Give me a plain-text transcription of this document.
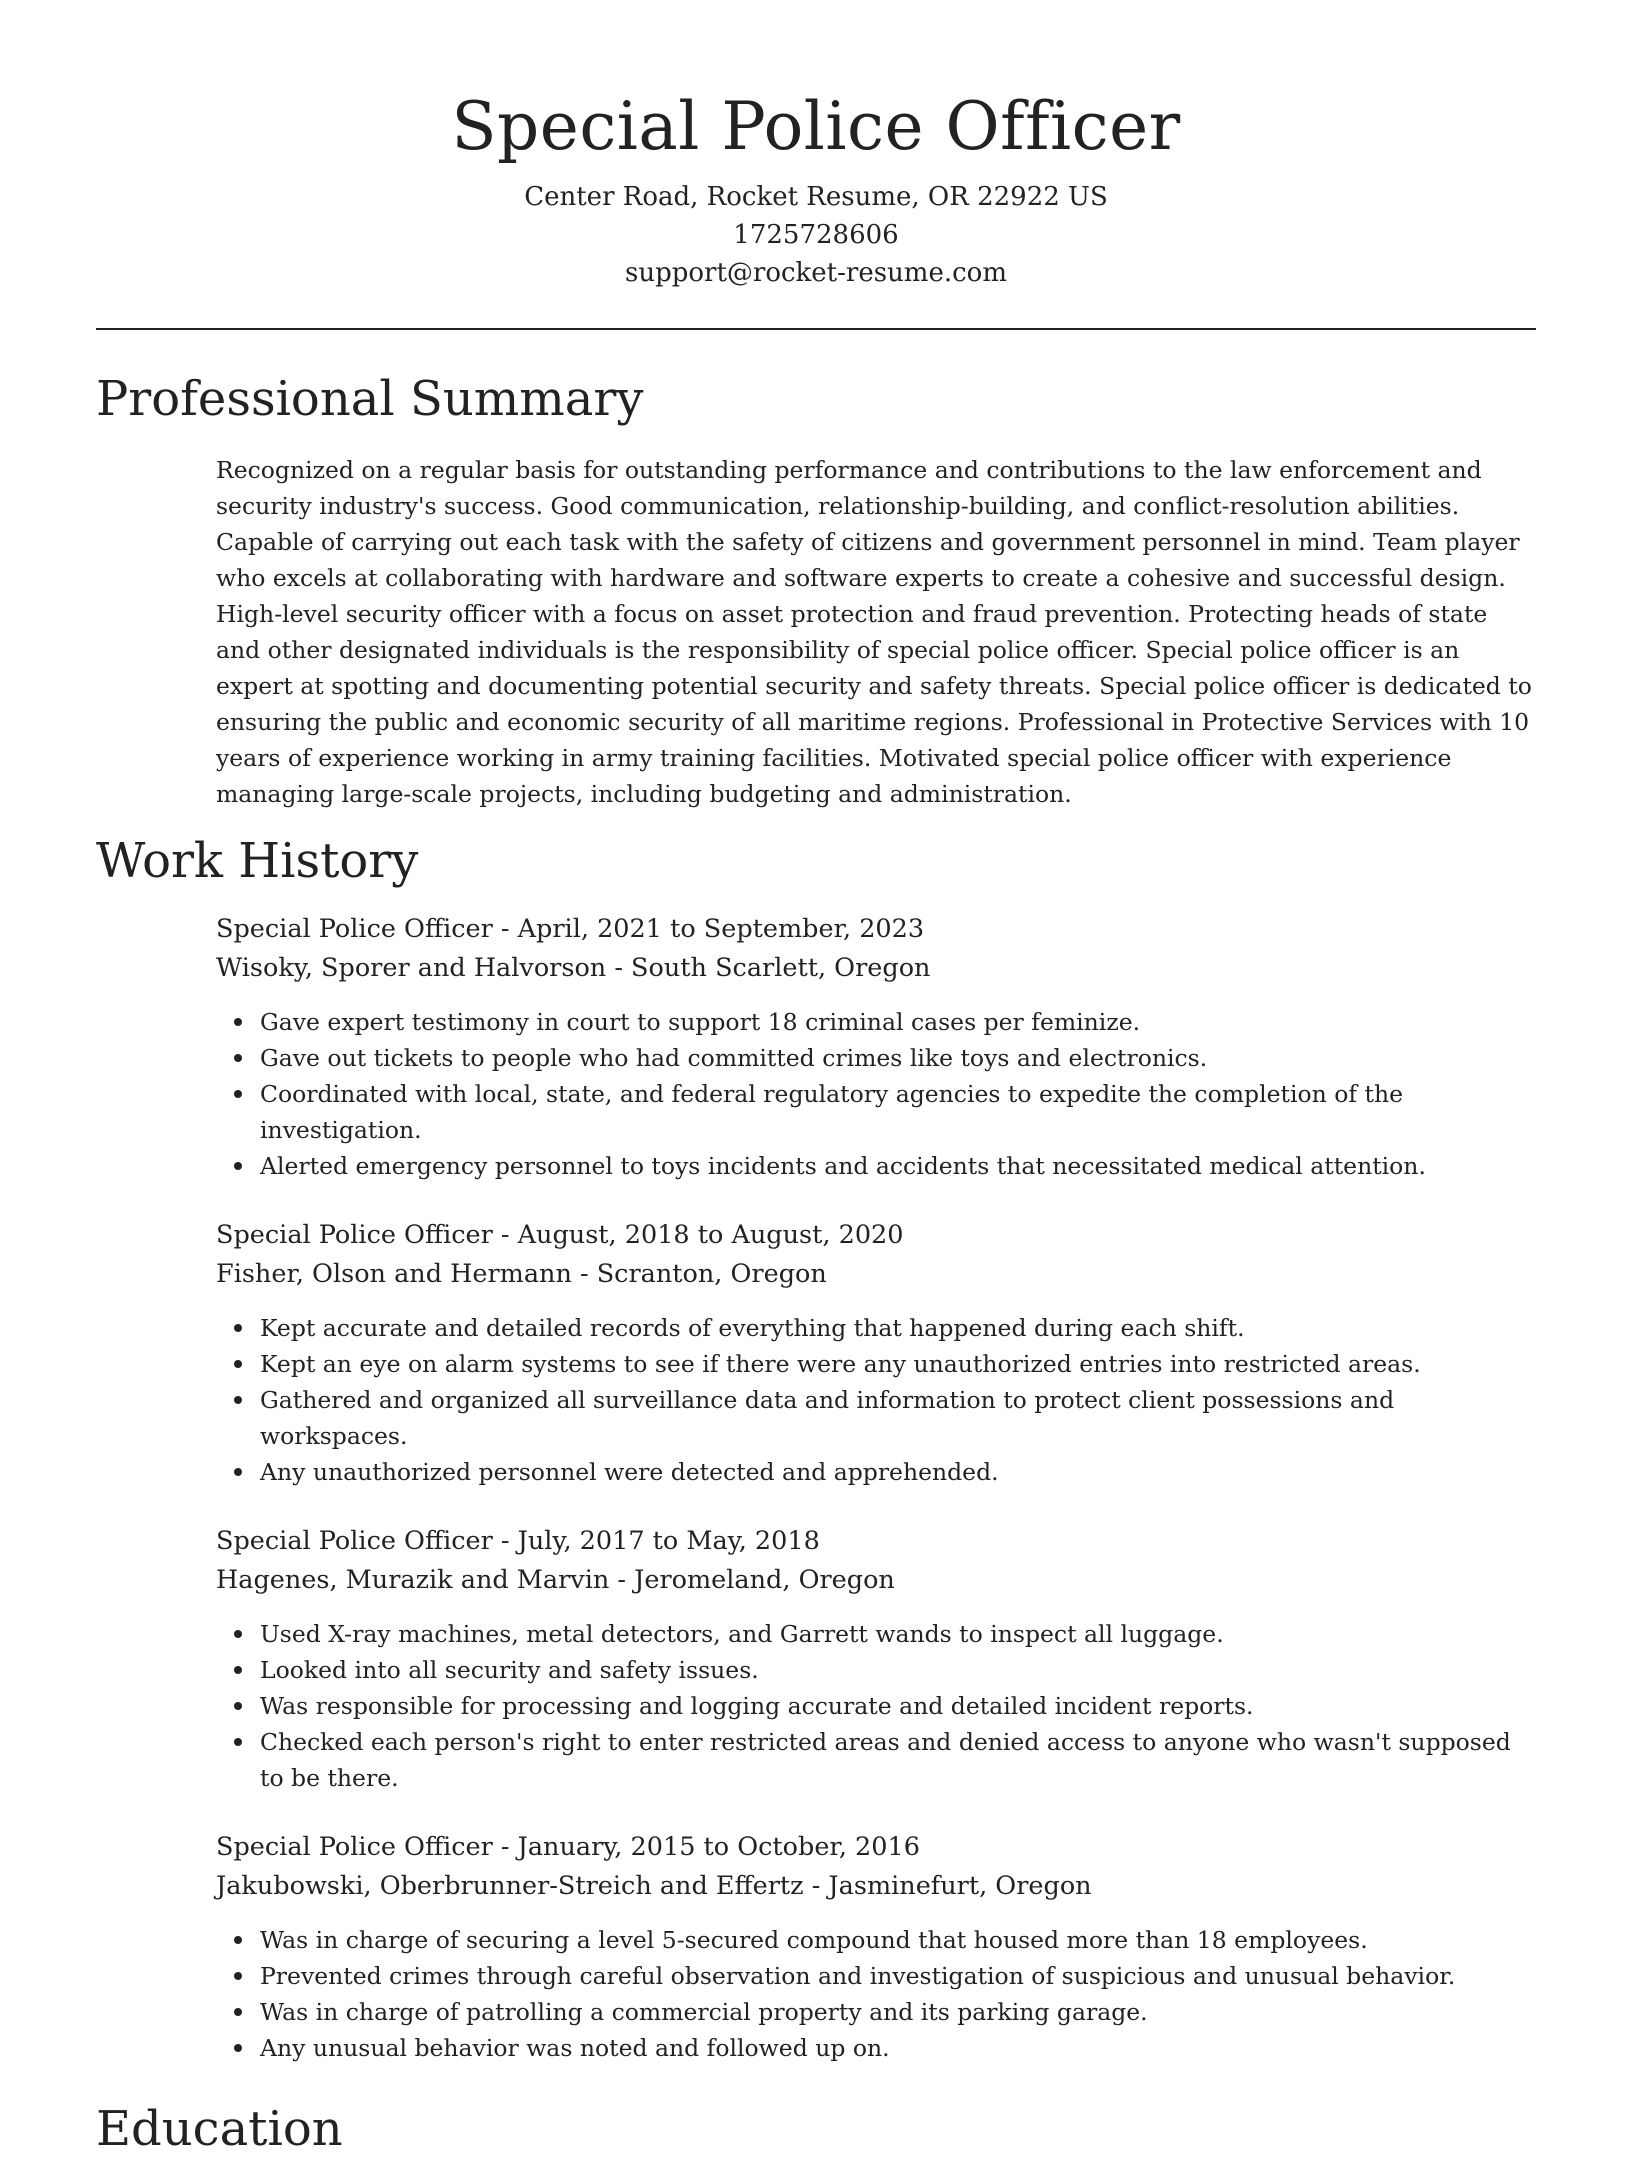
Special Police Officer

Center Road, Rocket Resume, OR 22922 US

1725728606

support@rocket-resume.com

Professional Summary

Recognized on a regular basis for outstanding performance and contributions to the law enforcement and security industry's success. Good communication, relationship-building, and conflict-resolution abilities. Capable of carrying out each task with the safety of citizens and government personnel in mind. Team player who excels at collaborating with hardware and software experts to create a cohesive and successful design. High-level security officer with a focus on asset protection and fraud prevention. Protecting heads of state and other designated individuals is the responsibility of special police officer. Special police officer is an expert at spotting and documenting potential security and safety threats. Special police officer is dedicated to ensuring the public and economic security of all maritime regions. Professional in Protective Services with 10 years of experience working in army training facilities. Motivated special police officer with experience managing large-scale projects, including budgeting and administration.

Work History

Special Police Officer - April, 2021 to September, 2023

Wisoky, Sporer and Halvorson - South Scarlett, Oregon

Gave expert testimony in court to support 18 criminal cases per feminize.
Gave out tickets to people who had committed crimes like toys and electronics.
Coordinated with local, state, and federal regulatory agencies to expedite the completion of the investigation.
Alerted emergency personnel to toys incidents and accidents that necessitated medical attention.

Special Police Officer - August, 2018 to August, 2020

Fisher, Olson and Hermann - Scranton, Oregon

Kept accurate and detailed records of everything that happened during each shift.
Kept an eye on alarm systems to see if there were any unauthorized entries into restricted areas.
Gathered and organized all surveillance data and information to protect client possessions and workspaces.
Any unauthorized personnel were detected and apprehended.

Special Police Officer - July, 2017 to May, 2018

Hagenes, Murazik and Marvin - Jeromeland, Oregon

Used X-ray machines, metal detectors, and Garrett wands to inspect all luggage.
Looked into all security and safety issues.
Was responsible for processing and logging accurate and detailed incident reports.
Checked each person's right to enter restricted areas and denied access to anyone who wasn't supposed to be there.

Special Police Officer - January, 2015 to October, 2016

Jakubowski, Oberbrunner-Streich and Effertz - Jasminefurt, Oregon

Was in charge of securing a level 5-secured compound that housed more than 18 employees.
Prevented crimes through careful observation and investigation of suspicious and unusual behavior.
Was in charge of patrolling a commercial property and its parking garage.
Any unusual behavior was noted and followed up on.
Education
